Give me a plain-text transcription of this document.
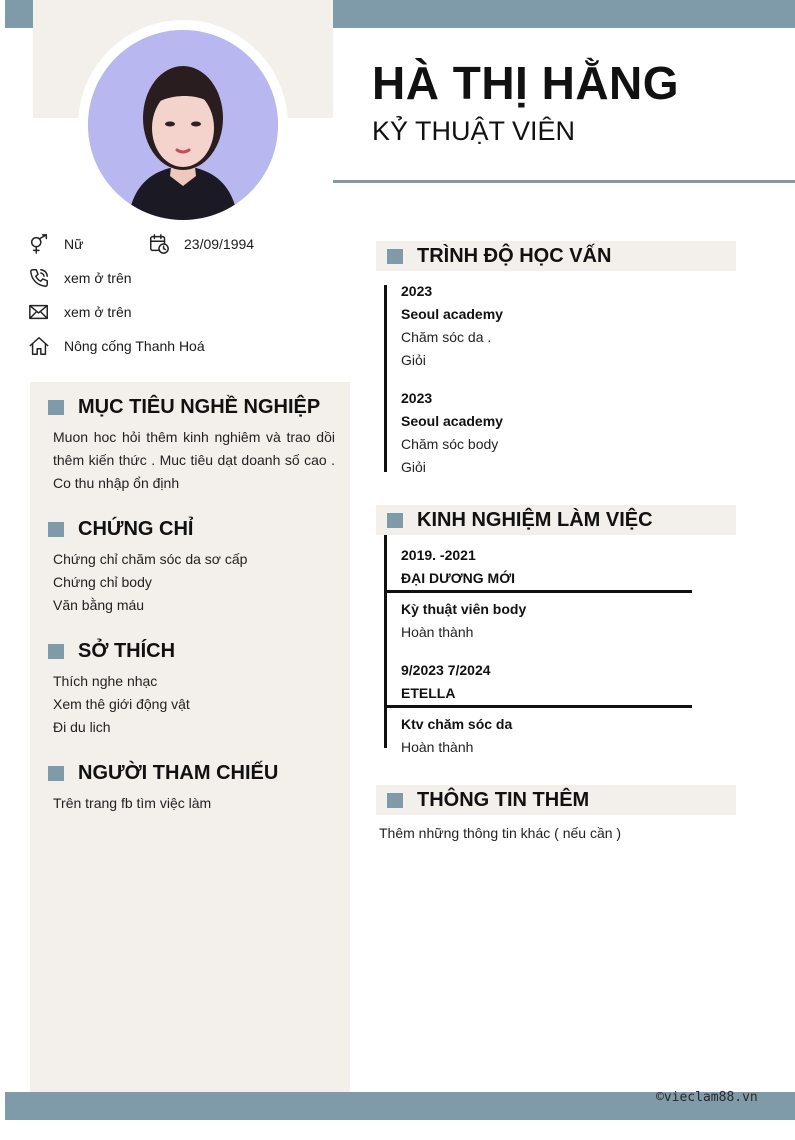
HÀ THỊ HẰNG
KỶ THUẬT VIÊN
Nữ	23/09/1994
xem ở trên
xem ở trên
Nông cống Thanh Hoá
MỤC TIÊU NGHỀ NGHIỆP
Muon hoc hỏi thêm kinh nghiêm và trao dồi thêm kiến thức . Muc tiêu dạt doanh số cao . Co thu nhập ổn định
CHỨNG CHỈ
Chứng chỉ chăm sóc da sơ cấp
Chứng chỉ body
Văn bằng máu
SỞ THÍCH
Thích nghe nhạc
Xem thê giới động vật
Đi du lich
NGƯỜI THAM CHIẾU
Trên trang fb tìm việc làm
TRÌNH ĐỘ HỌC VẤN
2023
Seoul academy
Chăm sóc da .
Giỏi
2023
Seoul academy
Chăm sóc body
Giỏi
KINH NGHIỆM LÀM VIỆC
2019. -2021
ĐẠI DƯƠNG MỚI
Kỳ thuật viên body
Hoàn thành
9/2023 7/2024
ETELLA
Ktv chăm sóc da
Hoàn thành
THÔNG TIN THÊM
Thêm những thông tin khác ( nếu cần )
©vieclam88.vn
